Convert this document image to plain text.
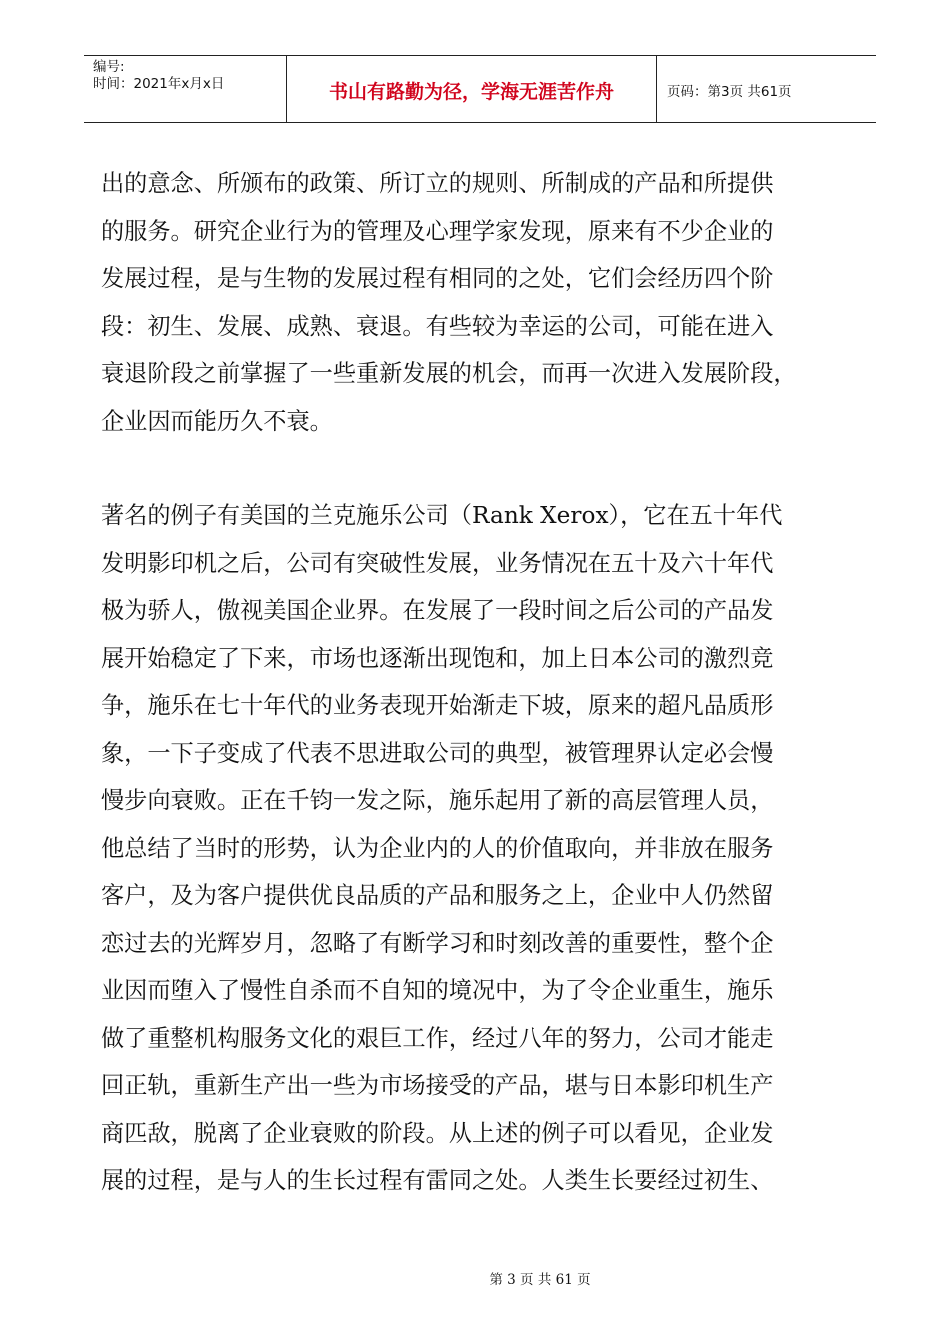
编号:
时间：2021年x月x日	书山有路勤为径，学海无涯苦作舟	页码：第3页 共61页
出的意念、所颁布的政策、所订立的规则、所制成的产品和所提供
的服务。研究企业行为的管理及心理学家发现，原来有不少企业的
发展过程，是与生物的发展过程有相同的之处，它们会经历四个阶
段：初生、发展、成熟、衰退。有些较为幸运的公司，可能在进入
衰退阶段之前掌握了一些重新发展的机会，而再一次进入发展阶段，
企业因而能历久不衰。
著名的例子有美国的兰克施乐公司（Rank Xerox），它在五十年代
发明影印机之后，公司有突破性发展，业务情况在五十及六十年代
极为骄人，傲视美国企业界。在发展了一段时间之后公司的产品发
展开始稳定了下来，市场也逐渐出现饱和，加上日本公司的激烈竞
争，施乐在七十年代的业务表现开始渐走下坡，原来的超凡品质形
象，一下子变成了代表不思进取公司的典型，被管理界认定必会慢
慢步向衰败。正在千钧一发之际，施乐起用了新的高层管理人员，
他总结了当时的形势，认为企业内的人的价值取向，并非放在服务
客户，及为客户提供优良品质的产品和服务之上，企业中人仍然留
恋过去的光辉岁月，忽略了有断学习和时刻改善的重要性，整个企
业因而堕入了慢性自杀而不自知的境况中，为了令企业重生，施乐
做了重整机构服务文化的艰巨工作，经过八年的努力，公司才能走
回正轨，重新生产出一些为市场接受的产品，堪与日本影印机生产
商匹敌，脱离了企业衰败的阶段。从上述的例子可以看见，企业发
展的过程，是与人的生长过程有雷同之处。人类生长要经过初生、
第 3 页 共 61 页
